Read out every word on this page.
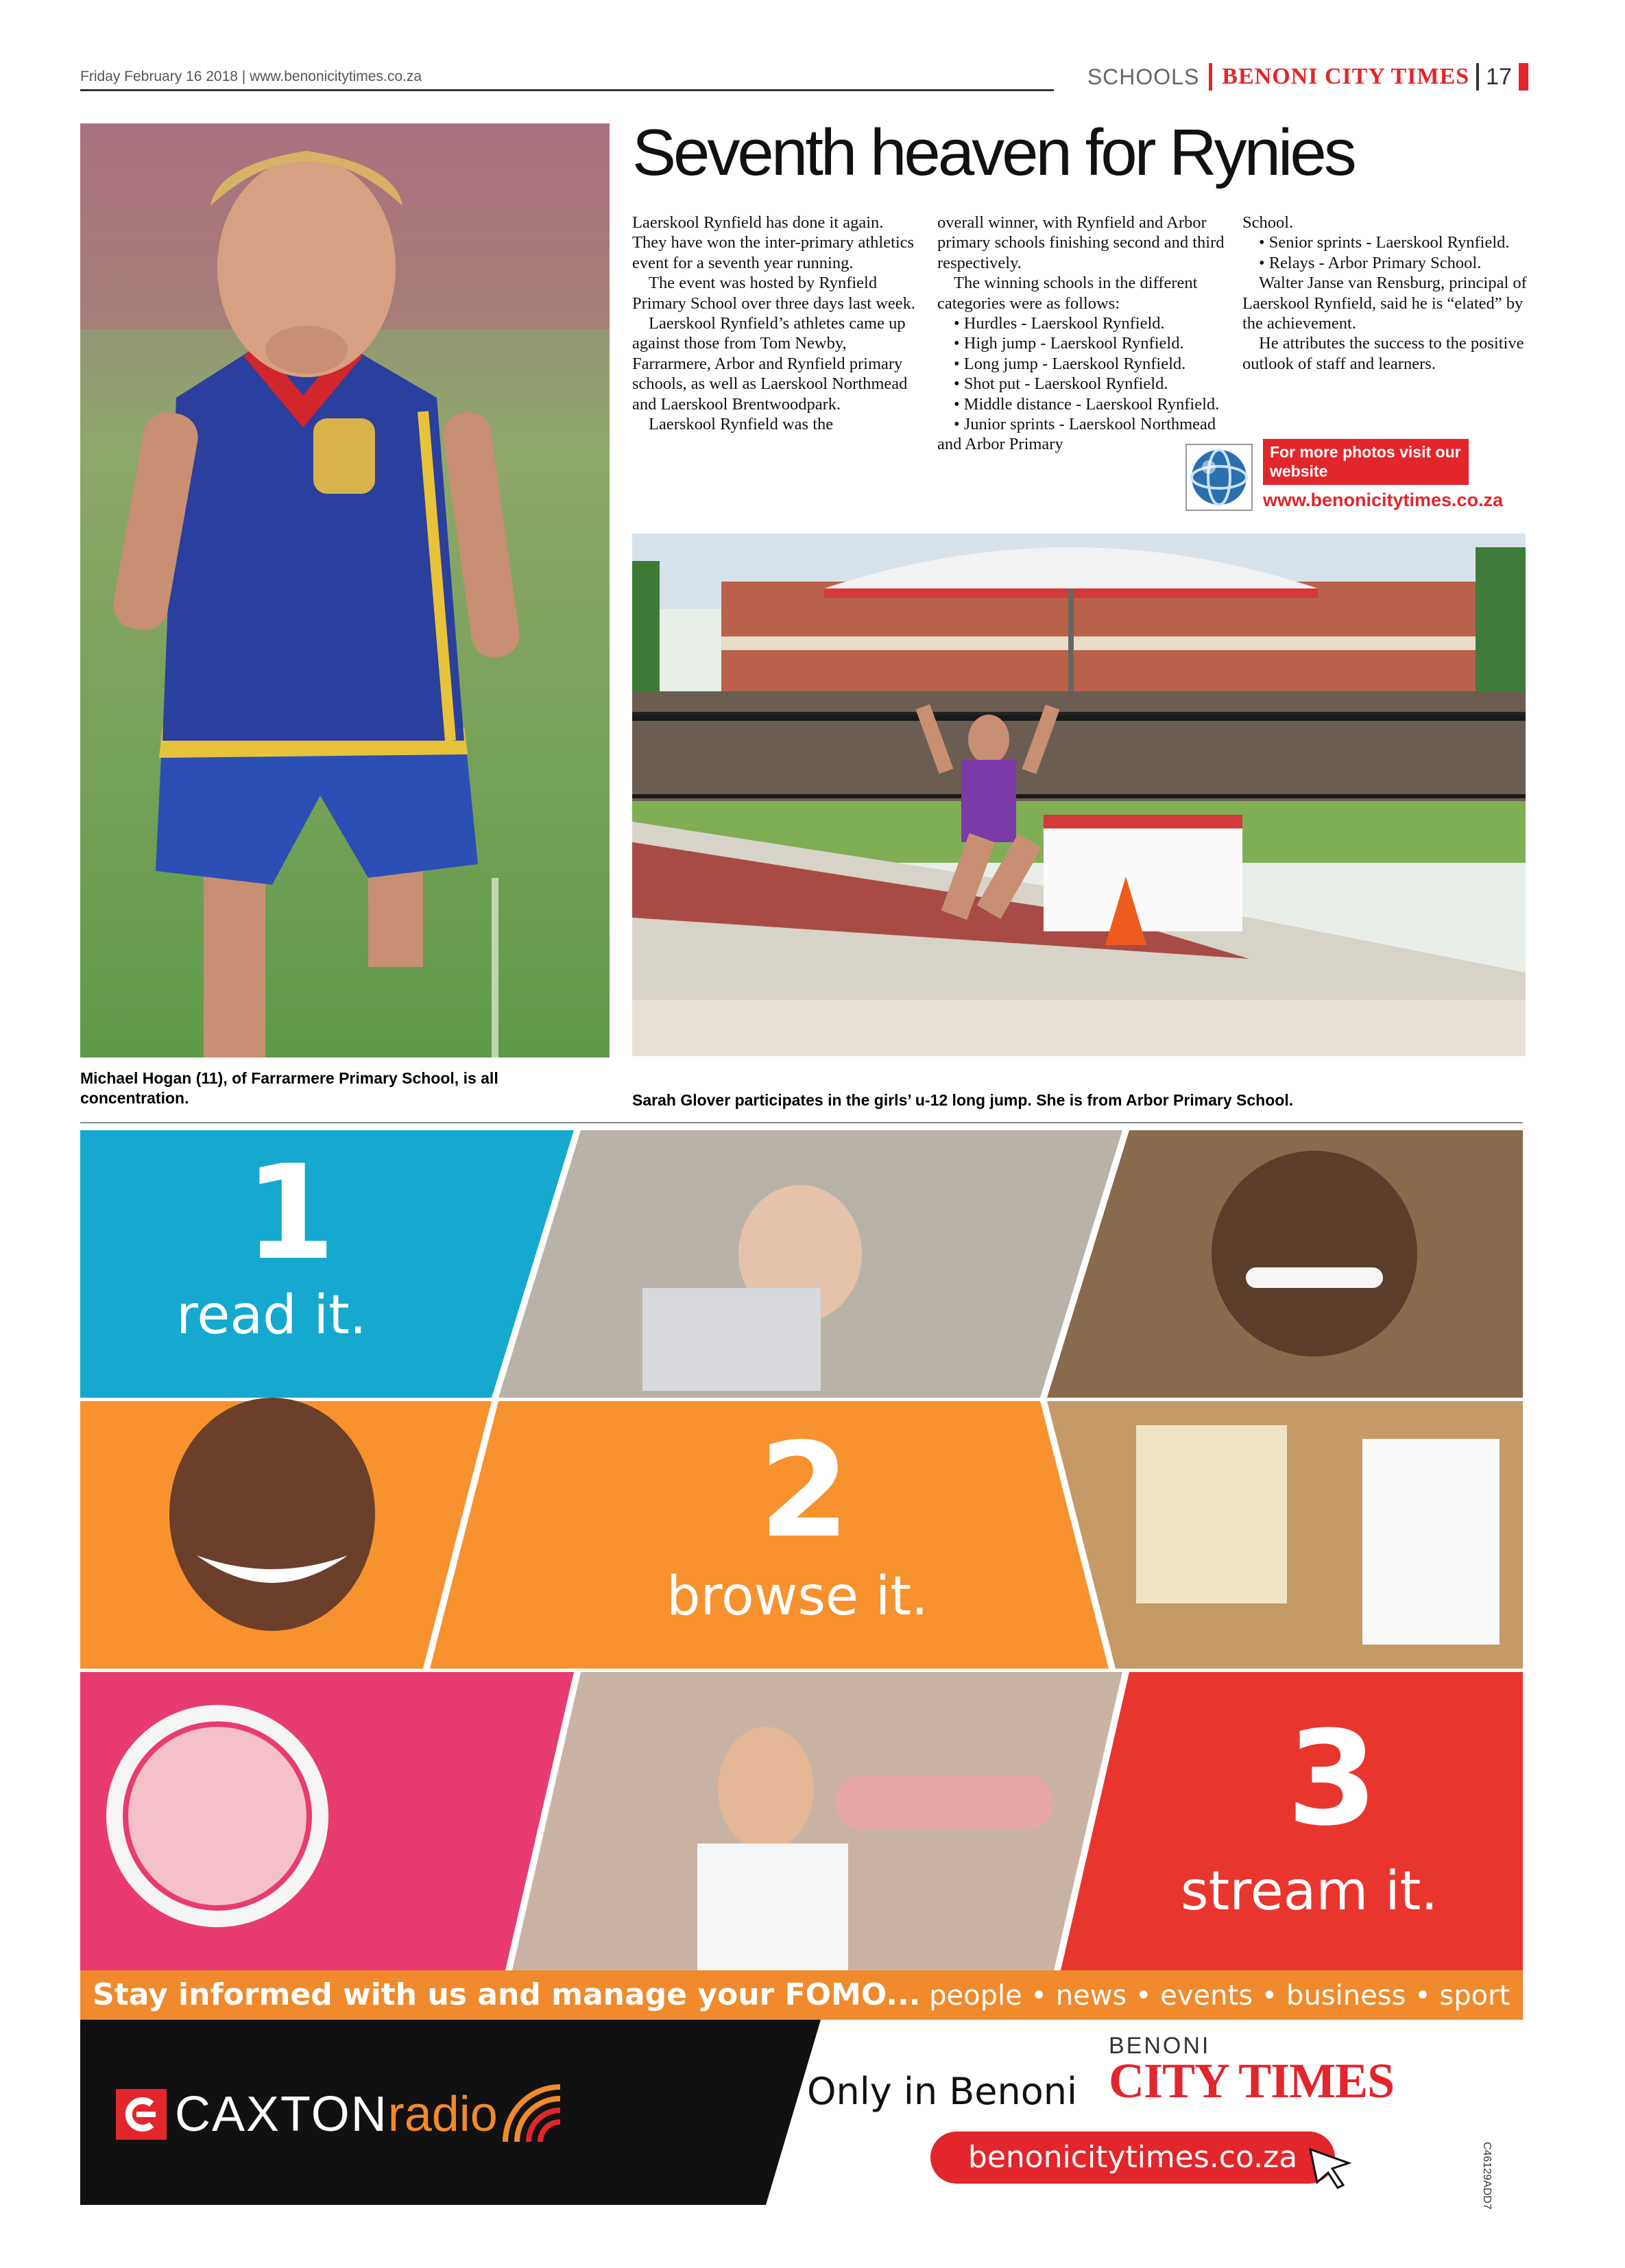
Friday February 16 2018 | www.benonicitytimes.co.za	SCHOOLS BENONI CITY TIMES 17
Michael Hogan (11), of Farrarmere Primary School, is all concentration.
Seventh heaven for Rynies

Laerskool Rynfield has done it again.

They have won the inter-primary athletics event for a seventh year running.

The event was hosted by Rynfield Primary School over three days last week.

Laerskool Rynfield’s athletes came up against those from Tom Newby, Farrarmere, Arbor and Rynfield primary schools, as well as Laerskool Northmead and Laerskool Brentwoodpark.

Laerskool Rynfield was the

overall winner, with Rynfield and Arbor primary schools finishing second and third respectively.

The winning schools in the different categories were as follows:

• Hurdles - Laerskool Rynfield.

• High jump - Laerskool Rynfield.

• Long jump - Laerskool Rynfield.

• Shot put - Laerskool Rynfield.

• Middle distance - Laerskool Rynfield.

• Junior sprints - Laerskool Northmead and Arbor Primary

School.

• Senior sprints - Laerskool Rynfield.

• Relays - Arbor Primary School.

Walter Janse van Rensburg, principal of Laerskool Rynfield, said he is “elated” by the achievement.

He attributes the success to the positive outlook of staff and learners.

For more photos visit our website
www.benonicitytimes.co.za
Sarah Glover participates in the girls’ u-12 long jump. She is from Arbor Primary School.
1
read it.
2
browse it.
3
stream it.
Stay informed with us and manage your FOMO... people • news • events • business • sport • music
CAXTON radio	Only in Benoni
BENONI
CITY TIMES
benonicitytimes.co.za	C46129ADD7
